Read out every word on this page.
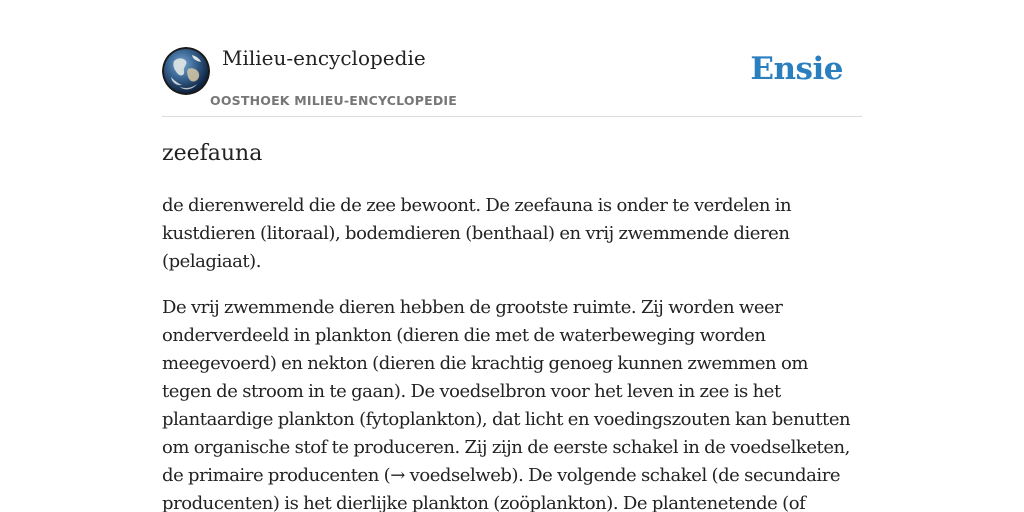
Milieu-encyclopedie
OOSTHOEK MILIEU-ENCYCLOPEDIE
Ensie
zeefauna

de dierenwereld die de zee bewoont. De zeefauna is onder te verdelen in kustdieren (litoraal), bodemdieren (benthaal) en vrij zwemmende dieren (pelagiaat).

De vrij zwemmende dieren hebben de grootste ruimte. Zij worden weer onderverdeeld in plankton (dieren die met de waterbeweging worden meegevoerd) en nekton (dieren die krachtig genoeg kunnen zwemmen om tegen de stroom in te gaan). De voedselbron voor het leven in zee is het plantaardige plankton (fytoplankton), dat licht en voedingszouten kan benutten om organische stof te produceren. Zij zijn de eerste schakel in de voedselketen, de primaire producenten (→ voedselweb). De volgende schakel (de secundaire producenten) is het dierlijke plankton (zoöplankton). De plantenetende (of
